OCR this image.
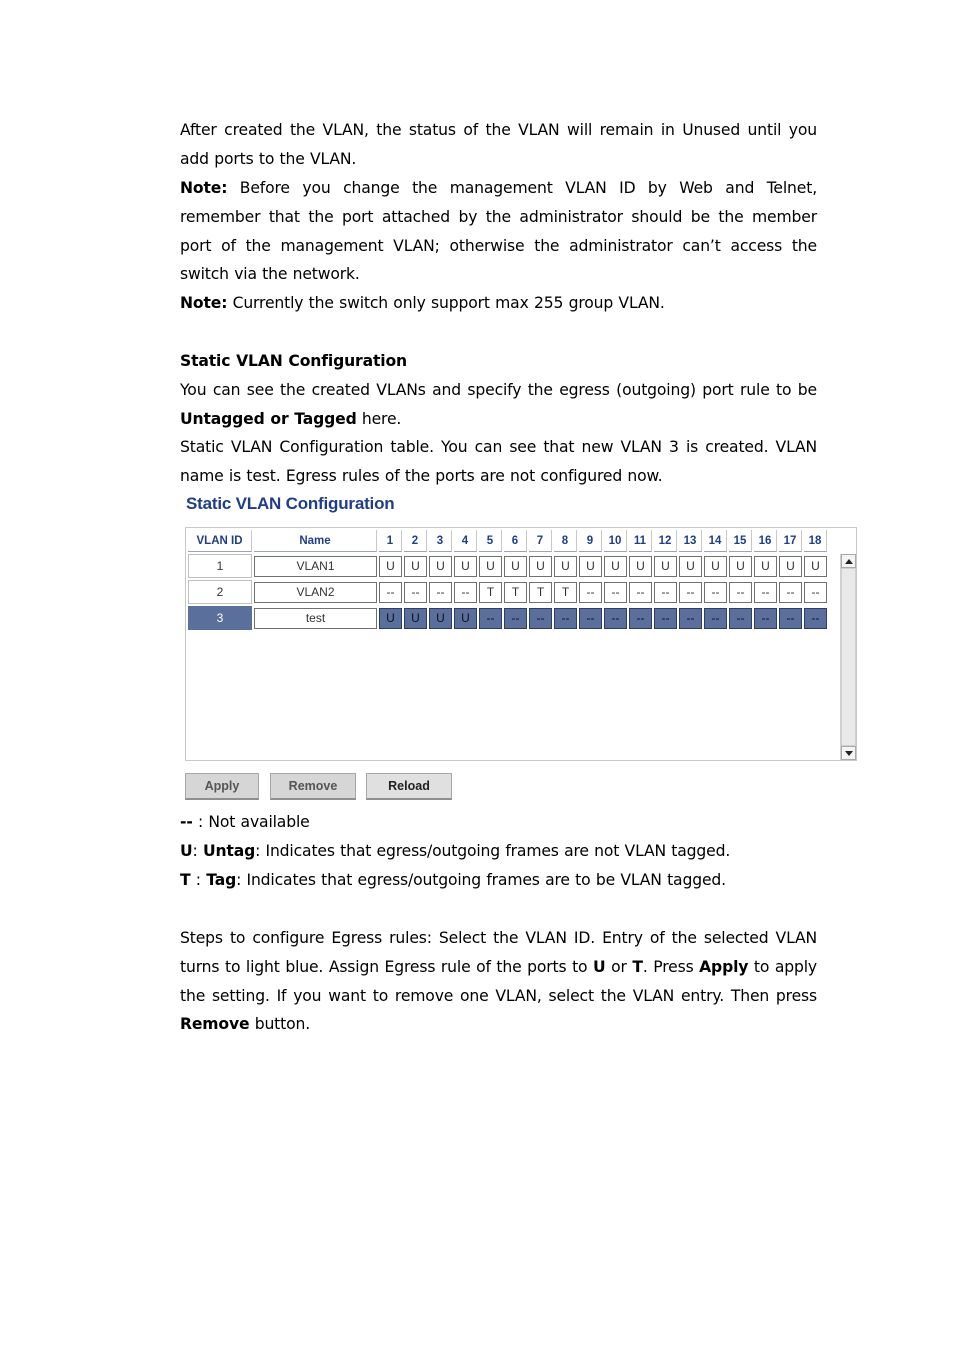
After created the VLAN, the status of the VLAN will remain in Unused until you add ports to the VLAN.

Note: Before you change the management VLAN ID by Web and Telnet, remember that the port attached by the administrator should be the member port of the management VLAN; otherwise the administrator can’t access the switch via the network.

Note: Currently the switch only support max 255 group VLAN.

Static VLAN Configuration

You can see the created VLANs and specify the egress (outgoing) port rule to be Untagged or Tagged here.

Static VLAN Configuration table. You can see that new VLAN 3 is created. VLAN name is test. Egress rules of the ports are not configured now.

Static VLAN Configuration
VLAN ID	Name	1	2	3	4	5	6	7	8	9	10	11	12	13	14	15	16	17	18
1	VLAN1	U	U	U	U	U	U	U	U	U	U	U	U	U	U	U	U	U	U

2	VLAN2	--	--	--	--	T	T	T	T	--	--	--	--	--	--	--	--	--	--

3	test	U	U	U	U	--	--	--	--	--	--	--	--	--	--	--	--	--	--
Apply	Remove	Reload

-- : Not available

U: Untag: Indicates that egress/outgoing frames are not VLAN tagged.

T : Tag: Indicates that egress/outgoing frames are to be VLAN tagged.

Steps to configure Egress rules: Select the VLAN ID. Entry of the selected VLAN turns to light blue. Assign Egress rule of the ports to U or T. Press Apply to apply the setting. If you want to remove one VLAN, select the VLAN entry. Then press Remove button.
